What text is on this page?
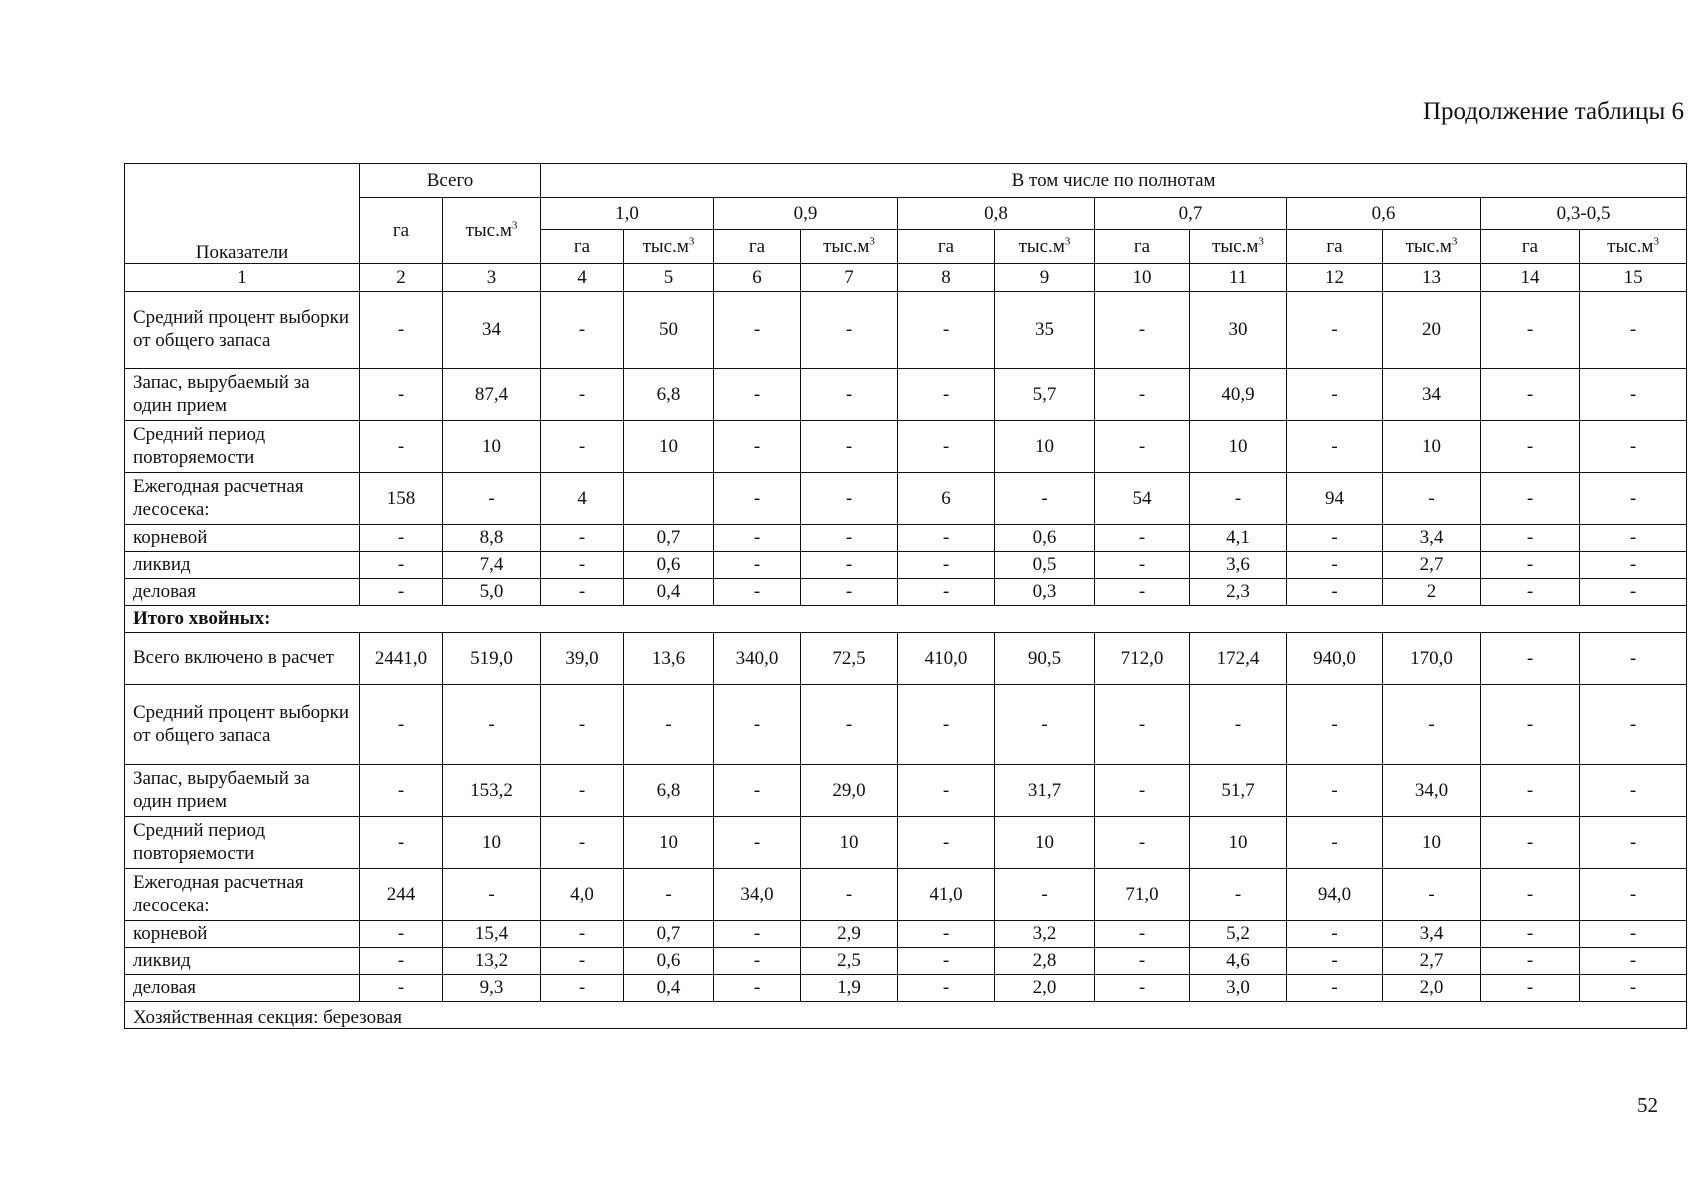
Продолжение таблицы 6
Показатели	Всего		В том числе по полнотам											
	га	$тыс.м^3$	1,0		0,9		0,8		0,7		0,6		0,3-0,5	
			га	$тыс.м^3$	га	$тыс.м^3$	га	$тыс.м^3$	га	$тыс.м^3$	га	$тыс.м^3$	га	$тыс.м^3$
1	2	3	4	5	6	7	8	9	10	11	12	13	14	15
Средний процент выборки от общего запаса	-	34	-	50	-	-	-	35	-	30	-	20	-	-
Запас, вырубаемый за один прием	-	87,4	-	6,8	-	-	-	5,7	-	40,9	-	34	-	-
Средний период повторяемости	-	10	-	10	-	-	-	10	-	10	-	10	-	-
Ежегодная расчетная лесосека:	158	-	4		-	-	6	-	54	-	94	-	-	-
корневой	-	8,8	-	0,7	-	-	-	0,6	-	4,1	-	3,4	-	-
ликвид	-	7,4	-	0,6	-	-	-	0,5	-	3,6	-	2,7	-	-
деловая	-	5,0	-	0,4	-	-	-	0,3	-	2,3	-	2	-	-
Итого хвойных:														
Всего включено в расчет	2441,0	519,0	39,0	13,6	340,0	72,5	410,0	90,5	712,0	172,4	940,0	170,0	-	-
Средний процент выборки от общего запаса	-	-	-	-	-	-	-	-	-	-	-	-	-	-
Запас, вырубаемый за один прием	-	153,2	-	6,8	-	29,0	-	31,7	-	51,7	-	34,0	-	-
Средний период повторяемости	-	10	-	10	-	10	-	10	-	10	-	10	-	-
Ежегодная расчетная лесосека:	244	-	4,0	-	34,0	-	41,0	-	71,0	-	94,0	-	-	-
корневой	-	15,4	-	0,7	-	2,9	-	3,2	-	5,2	-	3,4	-	-
ликвид	-	13,2	-	0,6	-	2,5	-	2,8	-	4,6	-	2,7	-	-
деловая	-	9,3	-	0,4	-	1,9	-	2,0	-	3,0	-	2,0	-	-
Хозяйственная секция: березовая														
52
